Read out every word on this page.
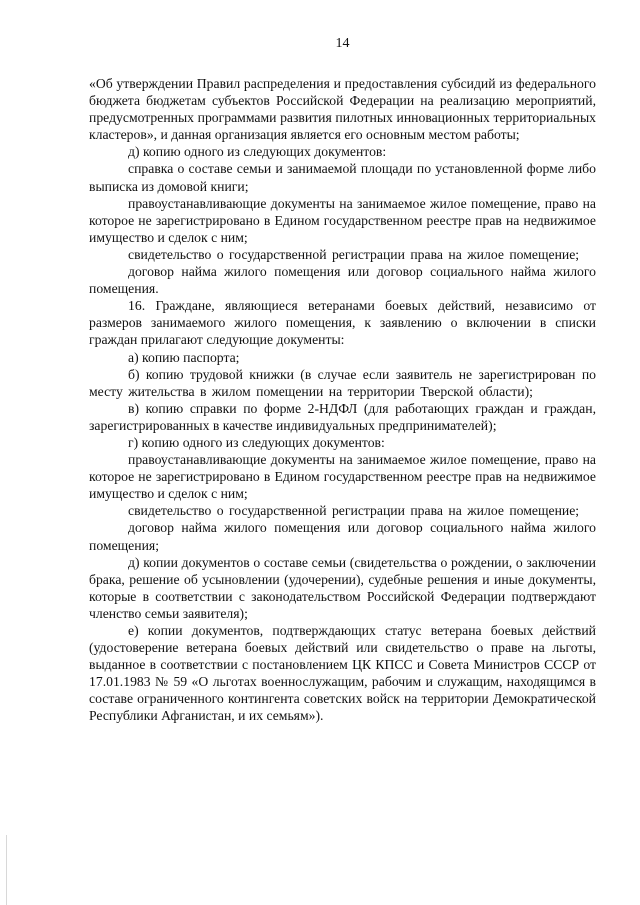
14

«Об утверждении Правил распределения и предоставления субсидий из федерального бюджета бюджетам субъектов Российской Федерации на реализацию мероприятий, предусмотренных программами развития пилотных инновационных территориальных кластеров», и данная организация является его основным местом работы;

д) копию одного из следующих документов:

справка о составе семьи и занимаемой площади по установленной форме либо выписка из домовой книги;

правоустанавливающие документы на занимаемое жилое помещение, право на которое не зарегистрировано в Едином государственном реестре прав на недвижимое имущество и сделок с ним;

свидетельство о государственной регистрации права на жилое помещение;

договор найма жилого помещения или договор социального найма жилого помещения.

16. Граждане, являющиеся ветеранами боевых действий, независимо от размеров занимаемого жилого помещения, к заявлению о включении в списки граждан прилагают следующие документы:

а) копию паспорта;

б) копию трудовой книжки (в случае если заявитель не зарегистрирован по месту жительства в жилом помещении на территории Тверской области);

в) копию справки по форме 2-НДФЛ (для работающих граждан и граждан, зарегистрированных в качестве индивидуальных предпринимателей);

г) копию одного из следующих документов:

правоустанавливающие документы на занимаемое жилое помещение, право на которое не зарегистрировано в Едином государственном реестре прав на недвижимое имущество и сделок с ним;

свидетельство о государственной регистрации права на жилое помещение;

договор найма жилого помещения или договор социального найма жилого помещения;

д) копии документов о составе семьи (свидетельства о рождении, о заключении брака, решение об усыновлении (удочерении), судебные решения и иные документы, которые в соответствии с законодательством Российской Федерации подтверждают членство семьи заявителя);

е) копии документов, подтверждающих статус ветерана боевых действий (удостоверение ветерана боевых действий или свидетельство о праве на льготы, выданное в соответствии с постановлением ЦК КПСС и Совета Министров СССР от 17.01.1983 № 59 «О льготах военнослужащим, рабочим и служащим, находящимся в составе ограниченного контингента советских войск на территории Демократической Республики Афганистан, и их семьям»).
